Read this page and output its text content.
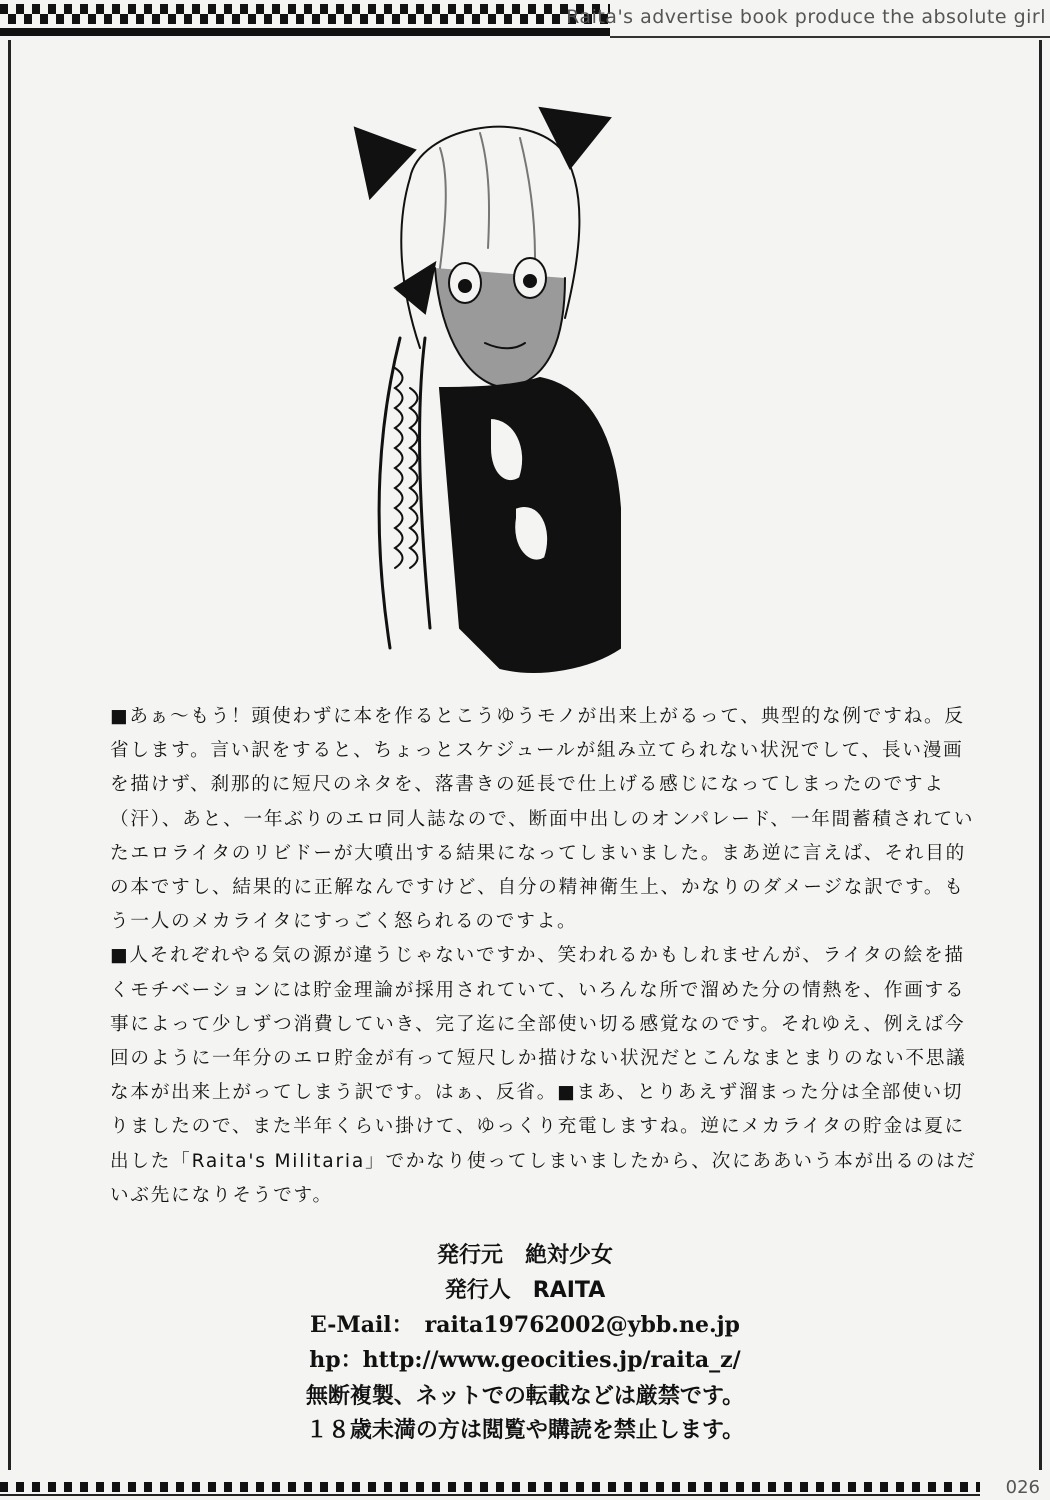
Raita's advertise book produce the absolute girl

■あぁ～もう！頭使わずに本を作るとこうゆうモノが出来上がるって、典型的な例ですね。反省します。言い訳をすると、ちょっとスケジュールが組み立てられない状況でして、長い漫画を描けず、刹那的に短尺のネタを、落書きの延長で仕上げる感じになってしまったのですよ（汗）、あと、一年ぶりのエロ同人誌なので、断面中出しのオンパレード、一年間蓄積されていたエロライタのリビドーが大噴出する結果になってしまいました。まあ逆に言えば、それ目的の本ですし、結果的に正解なんですけど、自分の精神衛生上、かなりのダメージな訳です。もう一人のメカライタにすっごく怒られるのですよ。

■人それぞれやる気の源が違うじゃないですか、笑われるかもしれませんが、ライタの絵を描くモチベーションには貯金理論が採用されていて、いろんな所で溜めた分の情熱を、作画する事によって少しずつ消費していき、完了迄に全部使い切る感覚なのです。それゆえ、例えば今回のように一年分のエロ貯金が有って短尺しか描けない状況だとこんなまとまりのない不思議な本が出来上がってしまう訳です。はぁ、反省。■まあ、とりあえず溜まった分は全部使い切りましたので、また半年くらい掛けて、ゆっくり充電しますね。逆にメカライタの貯金は夏に出した「Raita's Militaria」でかなり使ってしまいましたから、次にああいう本が出るのはだいぶ先になりそうです。

発行元　絶対少女
発行人　RAITA
E-Mail：　raita19762002@ybb.ne.jp
hp：http://www.geocities.jp/raita_z/
無断複製、ネットでの転載などは厳禁です。
１８歳未満の方は閲覧や購読を禁止します。
026
